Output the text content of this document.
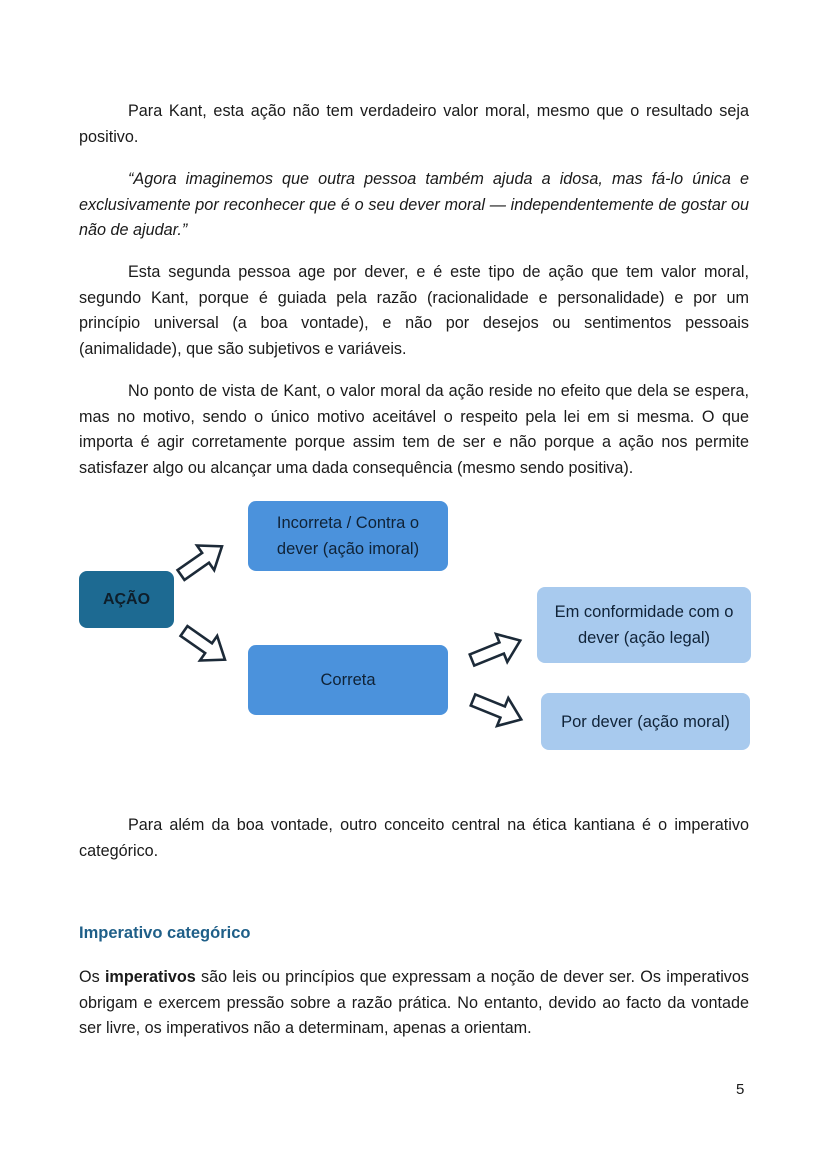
Para Kant, esta ação não tem verdadeiro valor moral, mesmo que o resultado seja positivo.

“Agora imaginemos que outra pessoa também ajuda a idosa, mas fá-lo única e exclusivamente por reconhecer que é o seu dever moral — independentemente de gostar ou não de ajudar.”

Esta segunda pessoa age por dever, e é este tipo de ação que tem valor moral, segundo Kant, porque é guiada pela razão (racionalidade e personalidade) e por um princípio universal (a boa vontade), e não por desejos ou sentimentos pessoais (animalidade), que são subjetivos e variáveis.

No ponto de vista de Kant, o valor moral da ação reside no efeito que dela se espera, mas no motivo, sendo o único motivo aceitável o respeito pela lei em si mesma. O que importa é agir corretamente porque assim tem de ser e não porque a ação nos permite satisfazer algo ou alcançar uma dada consequência (mesmo sendo positiva).

AÇÃO
Incorreta / Contra o dever (ação imoral)
Correta
Em conformidade com o dever (ação legal)
Por dever (ação moral)

Para além da boa vontade, outro conceito central na ética kantiana é o imperativo categórico.

Imperativo categórico

Os imperativos são leis ou princípios que expressam a noção de dever ser. Os imperativos obrigam e exercem pressão sobre a razão prática. No entanto, devido ao facto da vontade ser livre, os imperativos não a determinam, apenas a orientam.

5
